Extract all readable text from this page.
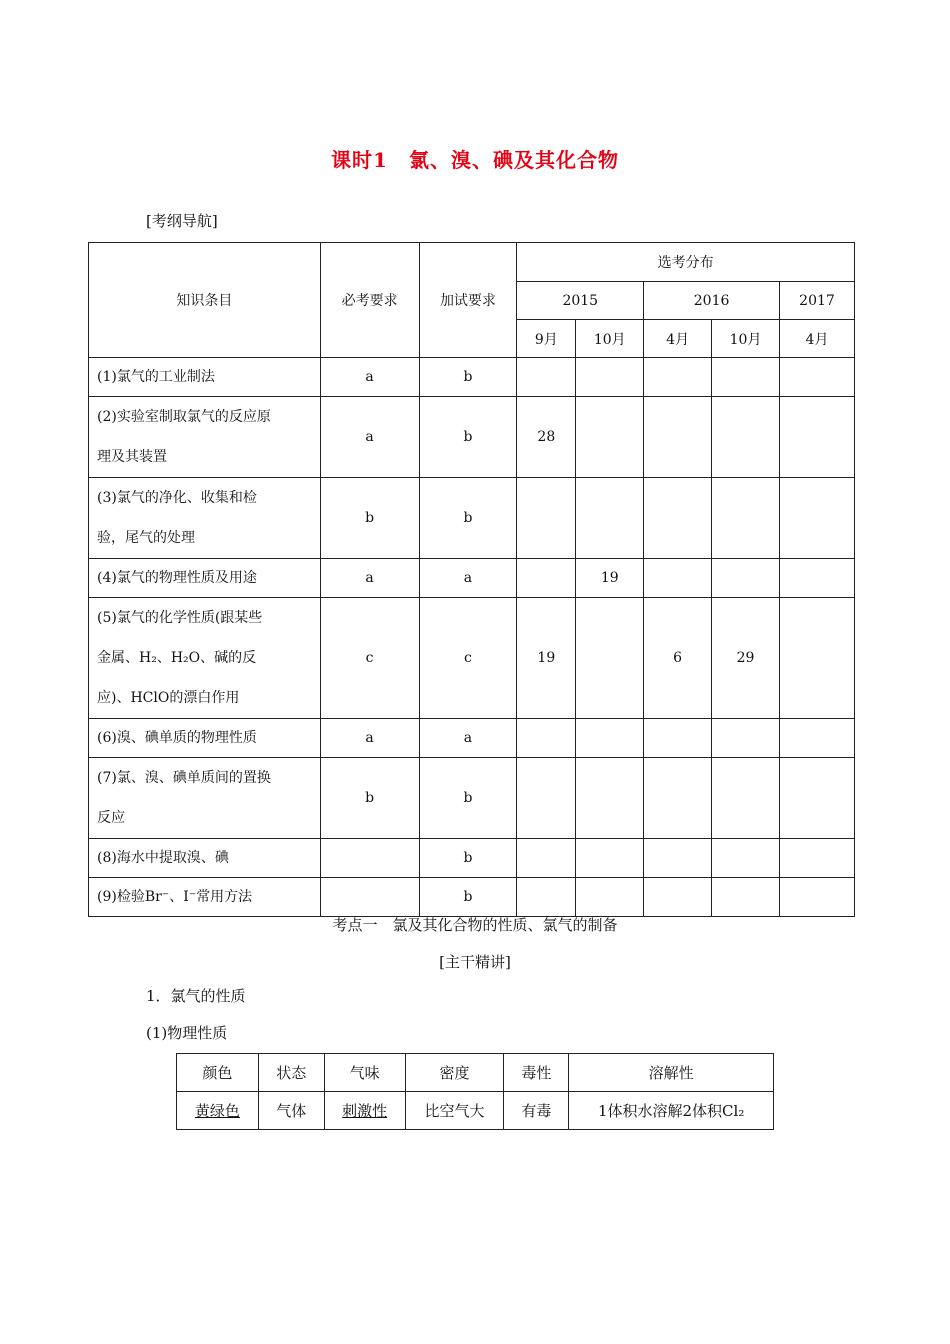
课时1　氯、溴、碘及其化合物
[考纲导航]
知识条目	必考要求	加试要求	选考分布				
			2015		2016		2017
			9月	10月	4月	10月	4月
(1)氯气的工业制法	a	b					

(2)实验室制取氯气的反应原
理及其装置	a	b	28				

(3)氯气的净化、收集和检
验，尾气的处理	b	b					
(4)氯气的物理性质及用途	a	a		19			

(5)氯气的化学性质(跟某些
金属、H₂、H₂O、碱的反
应)、HClO的漂白作用	c	c	19		6	29	
(6)溴、碘单质的物理性质	a	a					

(7)氯、溴、碘单质间的置换
反应	b	b					
(8)海水中提取溴、碘		b					
(9)检验Br⁻、I⁻常用方法		b					
考点一　氯及其化合物的性质、氯气的制备
[主干精讲]
1．氯气的性质
(1)物理性质
颜色	状态	气味	密度	毒性	溶解性
黄绿色	气体	刺激性	比空气大	有毒	1体积水溶解2体积Cl₂
